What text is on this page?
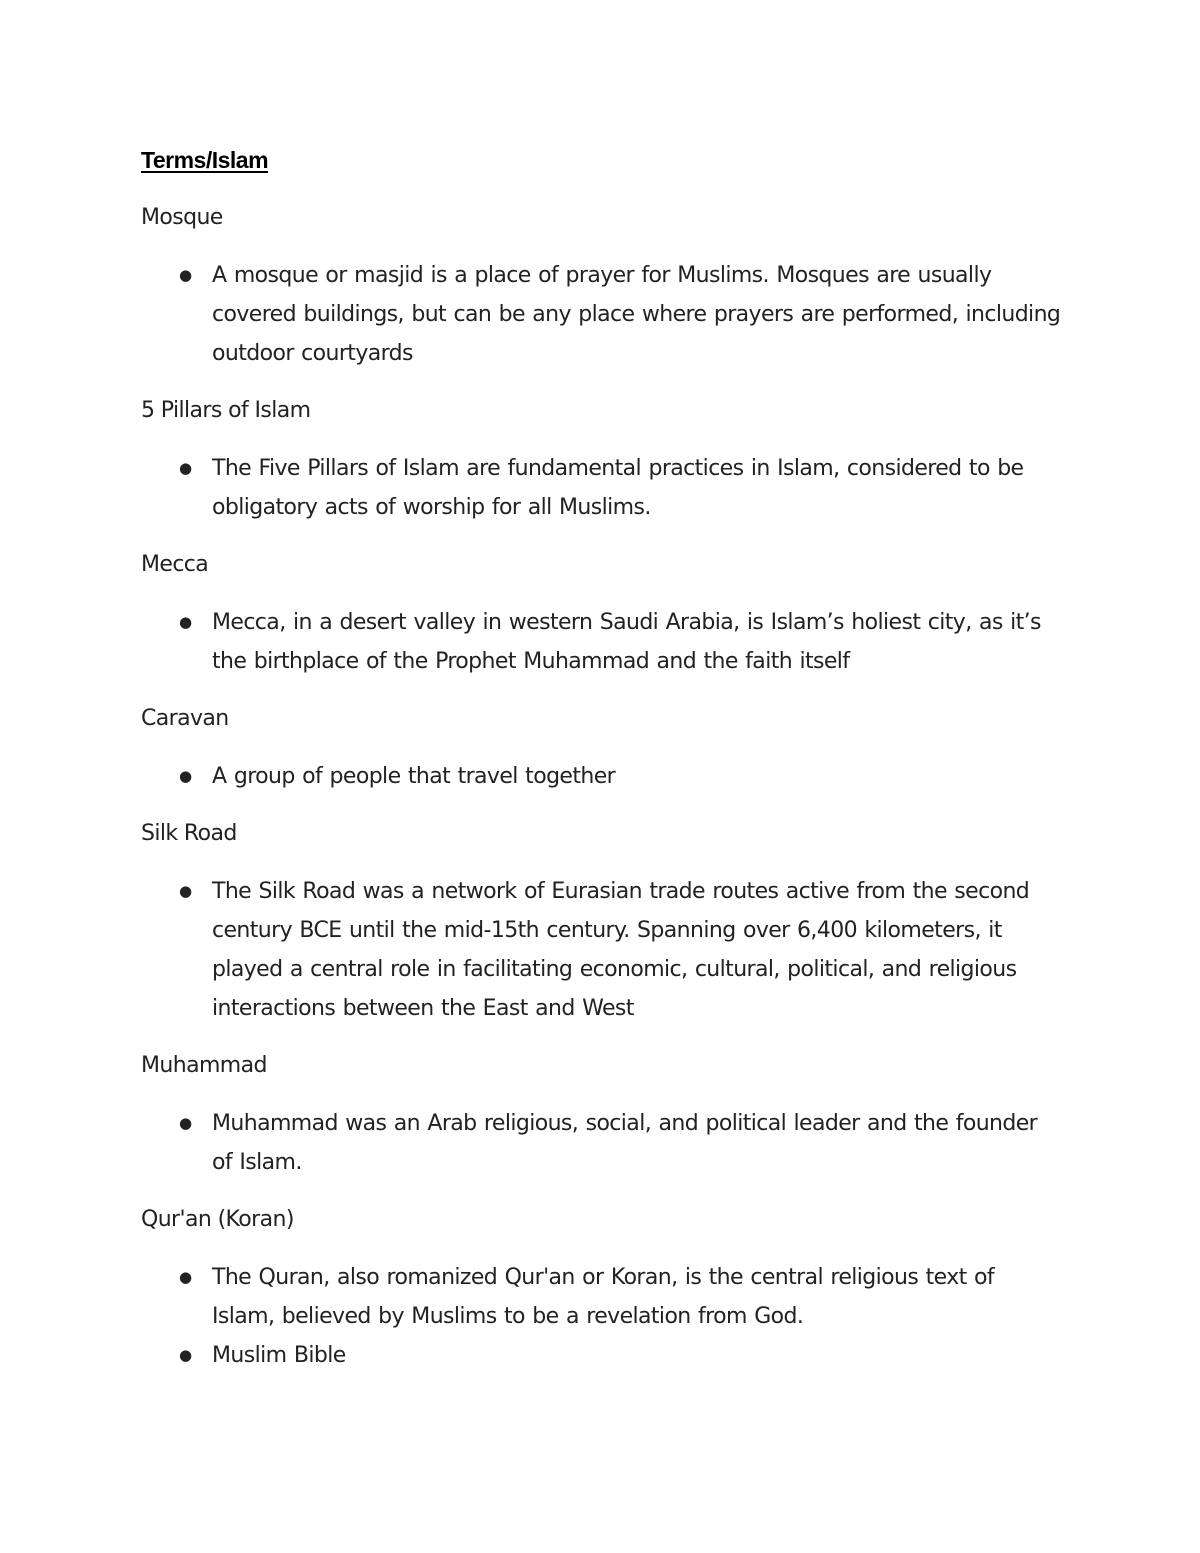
Terms/Islam
Mosque
● A mosque or masjid is a place of prayer for Muslims. Mosques are usually covered buildings, but can be any place where prayers are performed, including outdoor courtyards
5 Pillars of Islam
● The Five Pillars of Islam are fundamental practices in Islam, considered to be obligatory acts of worship for all Muslims.
Mecca
● Mecca, in a desert valley in western Saudi Arabia, is Islam’s holiest city, as it’s the birthplace of the Prophet Muhammad and the faith itself
Caravan
● A group of people that travel together
Silk Road
● The Silk Road was a network of Eurasian trade routes active from the second century BCE until the mid-15th century. Spanning over 6,400 kilometers, it played a central role in facilitating economic, cultural, political, and religious interactions between the East and West
Muhammad
● Muhammad was an Arab religious, social, and political leader and the founder of Islam.
Qur'an (Koran)
● The Quran, also romanized Qur'an or Koran, is the central religious text of Islam, believed by Muslims to be a revelation from God.
● Muslim Bible
